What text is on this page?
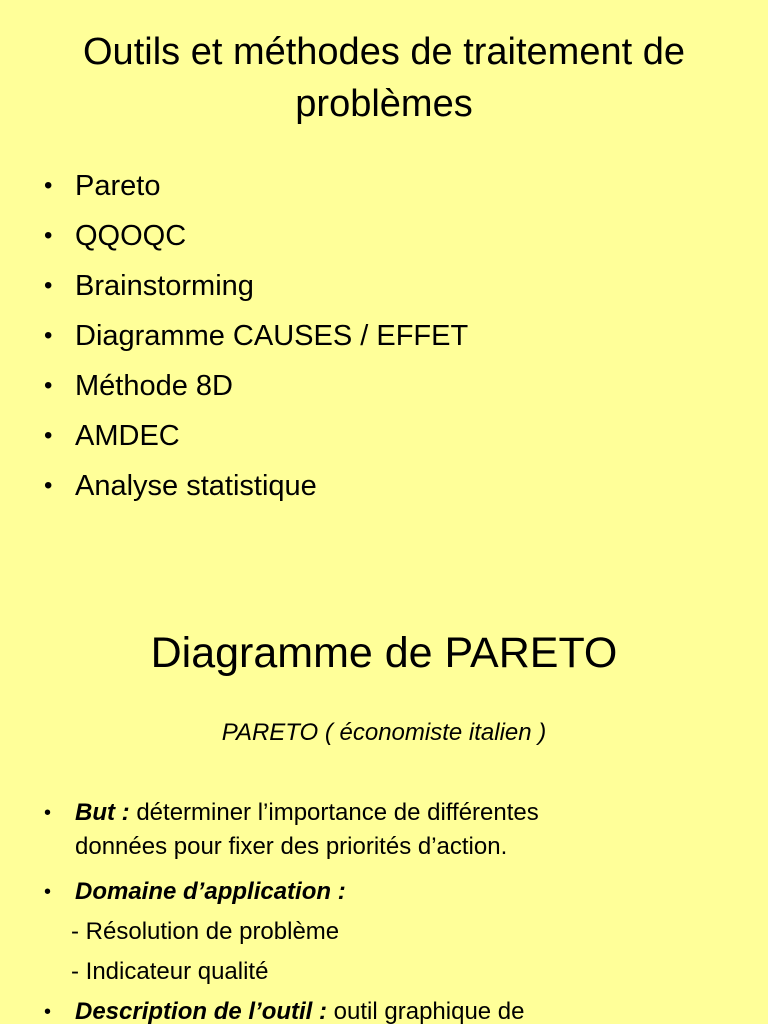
Outils et méthodes de traitement de
problèmes
• Pareto
• QQOQC
• Brainstorming
• Diagramme CAUSES / EFFET
• Méthode 8D
• AMDEC
• Analyse statistique
Diagramme de PARETO
PARETO ( économiste italien )
• But : déterminer l’importance de différentes
données pour fixer des priorités d’action.
• Domaine d’application :
- Résolution de problème
- Indicateur qualité
• Description de l’outil : outil graphique de
